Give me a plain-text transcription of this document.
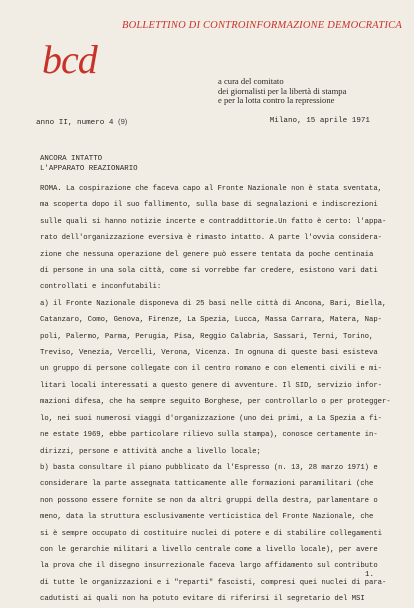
bcd
BOLLETTINO DI CONTROINFORMAZIONE DEMOCRATICA
a cura del comitato
dei giornalisti per la libertà di stampa
e per la lotta contro la repressione
anno II, numero 4 (9)	Milano, 15 aprile 1971
ANCORA INTATTO
L'APPARATO REAZIONARIO
ROMA. La cospirazione che faceva capo al Fronte Nazionale non è stata sventata,
ma scoperta dopo il suo fallimento, sulla base di segnalazioni e indiscrezioni
sulle quali si hanno notizie incerte e contraddittorie.Un fatto è certo: l'appa-
rato dell'organizzazione eversiva è rimasto intatto. A parte l'ovvia considera-
zione che nessuna operazione del genere può essere tentata da poche centinaia
di persone in una sola città, come si vorrebbe far credere, esistono vari dati
controllati e inconfutabili:
a) il Fronte Nazionale disponeva di 25 basi nelle città di Ancona, Bari, Biella,
Catanzaro, Como, Genova, Firenze, La Spezia, Lucca, Massa Carrara, Matera, Nap-
poli, Palermo, Parma, Perugia, Pisa, Reggio Calabria, Sassari, Terni, Torino,
Treviso, Venezia, Vercelli, Verona, Vicenza. In ognuna di queste basi esisteva
un gruppo di persone collegate con il centro romano e con elementi civili e mi-
litari locali interessati a questo genere di avventure. Il SID, servizio infor-
mazioni difesa, che ha sempre seguito Borghese, per controllarlo o per protegger-
lo, nei suoi numerosi viaggi d'organizzazione (uno dei primi, a La Spezia a fi-
ne estate 1969, ebbe particolare rilievo sulla stampa), conosce certamente in-
dirizzi, persone e attività anche a livello locale;
b) basta consultare il piano pubblicato da l'Espresso (n. 13, 28 marzo 1971) e
considerare la parte assegnata tatticamente alle formazioni paramilitari (che
non possono essere fornite se non da altri gruppi della destra, parlamentare o
meno, data la struttura esclusivamente verticistica del Fronte Nazionale, che
si è sempre occupato di costituire nuclei di potere e di stabilire collegamenti
con le gerarchie militari a livello centrale come a livello locale), per avere
la prova che il disegno insurrezionale faceva largo affidamento sul contributo
di tutte le organizzazioni e i "reparti" fascisti, compresi quei nuclei di para-
cadutisti ai quali non ha potuto evitare di riferirsi il segretario del MSI
1.
